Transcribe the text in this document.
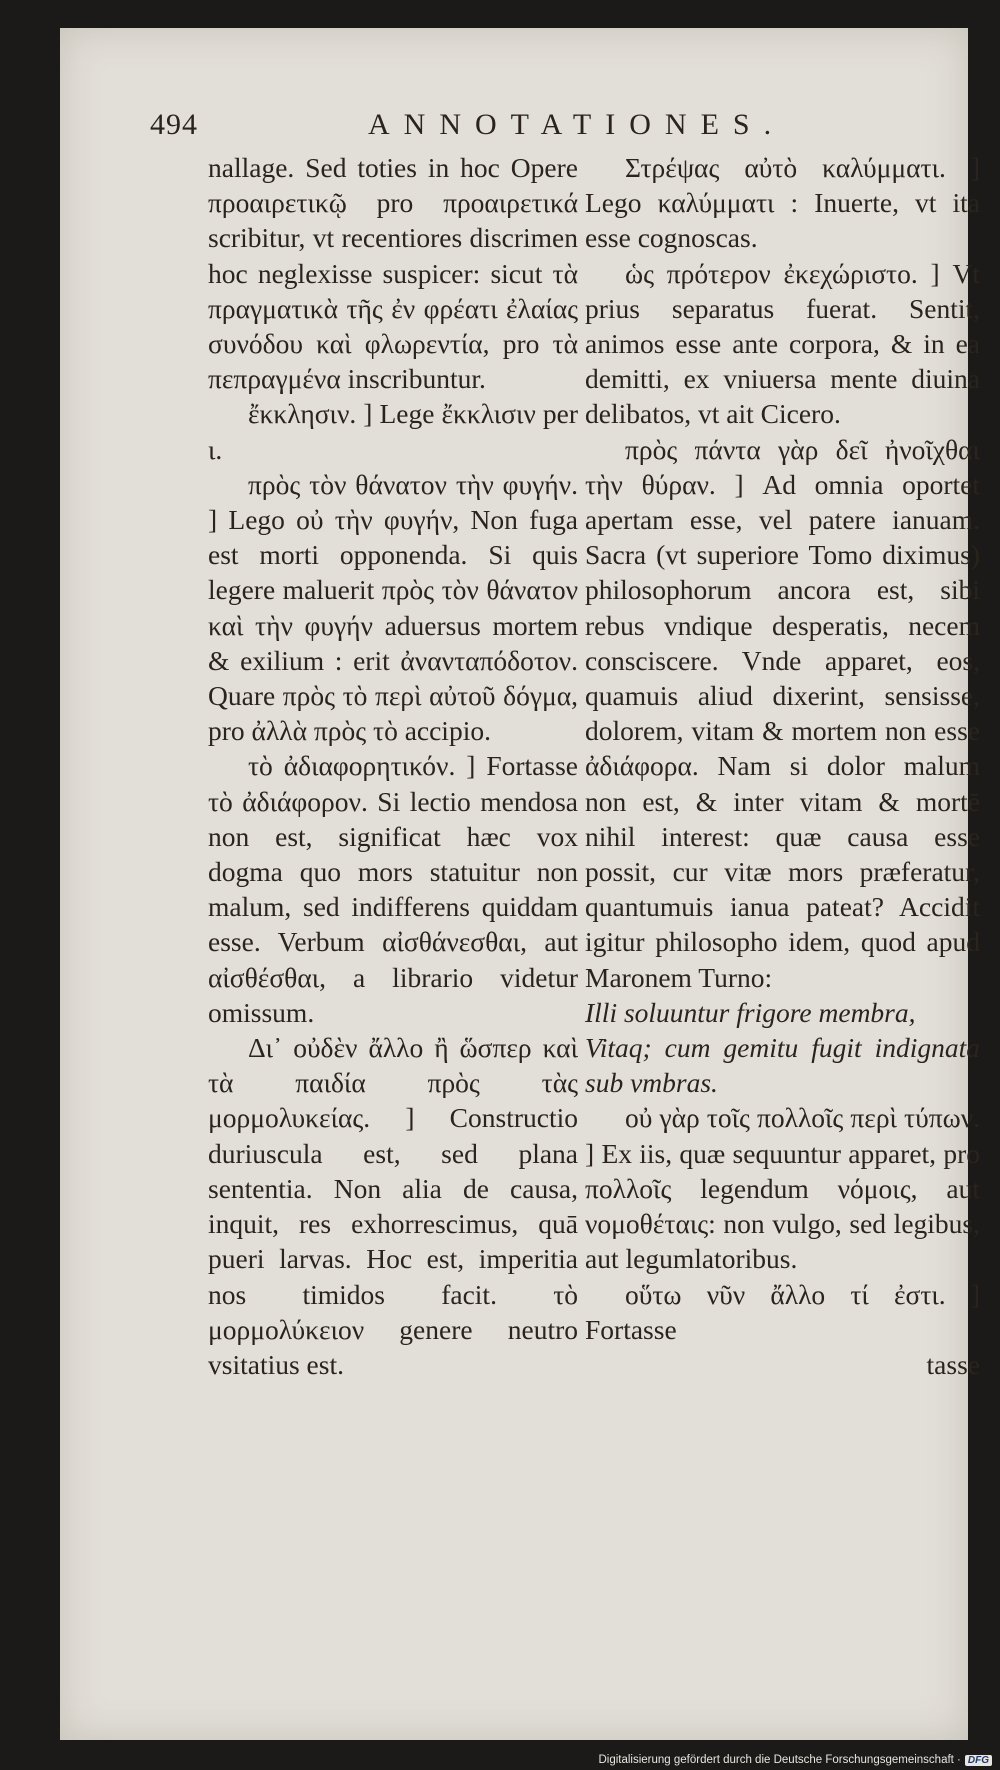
494	ANNOTATIONES.

nallage. Sed toties in hoc Opere προαιρετικῷ pro προαιρετικά scribitur, vt recentiores discrimen hoc neglexisse suspicer: sicut τὰ πραγματικὰ τῆς ἐν φρέατι ἐλαίας συνόδου καὶ φλωρεντία, pro τὰ πεπραγμένα inscribuntur.

ἔκκλησιν. ] Lege ἔκκλισιν per ι.

πρὸς τὸν θάνατον τὴν φυγήν. ] Lego οὐ τὴν φυγήν, Non fuga est morti opponenda. Si quis legere maluerit πρὸς τὸν θάνατον καὶ τὴν φυγήν aduersus mortem & exilium : erit ἀνανταπόδοτον. Quare πρὸς τὸ περὶ αὐτοῦ δόγμα, pro ἀλλὰ πρὸς τὸ accipio.

τὸ ἀδιαφορητικόν. ] Fortasse τὸ ἀδιάφορον. Si lectio mendosa non est, significat hæc vox dogma quo mors statuitur non malum, sed indifferens quiddam esse. Verbum αἰσθάνεσθαι, aut αἰσθέσθαι, a librario videtur omissum.

Δι᾽ οὐδὲν ἄλλο ἢ ὥσπερ καὶ τὰ παιδία πρὸς τὰς μορμολυκείας. ] Constructio duriuscula est, sed plana sententia. Non alia de causa, inquit, res exhorrescimus, quā pueri larvas. Hoc est, imperitia nos timidos facit. τὸ μορμολύκειον genere neutro vsitatius est.

Στρέψας αὐτὸ καλύμματι. ] Lego καλύμματι : Inuerte, vt ita esse cognoscas.

ὡς πρότερον ἐκεχώριστο. ] Vt prius separatus fuerat. Sentit, animos esse ante corpora, & in ea demitti, ex vniuersa mente diuina delibatos, vt ait Cicero.

πρὸς πάντα γὰρ δεῖ ἠνοῖχθαι τὴν θύραν. ] Ad omnia oportet apertam esse, vel patere ianuam. Sacra (vt superiore Tomo diximus) philosophorum ancora est, sibi rebus vndique desperatis, necem consciscere. Vnde apparet, eos, quamuis aliud dixerint, sensisse, dolorem, vitam & mortem non esse ἀδιάφορα. Nam si dolor malum non est, & inter vitam & mortē nihil interest: quæ causa esse possit, cur vitæ mors præferatur, quantumuis ianua pateat? Accidit igitur philosopho idem, quod apud Maronem Turno:

Illi soluuntur frigore membra,

Vitaq; cum gemitu fugit indignata sub vmbras.

οὐ γὰρ τοῖς πολλοῖς περὶ τύπων. ] Ex iis, quæ sequuntur apparet, pro πολλοῖς legendum νόμοις, aut νομοθέταις: non vulgo, sed legibus, aut legumlatoribus.

οὕτω νῦν ἄλλο τί ἐστι. ] Fortasse

tasse

Digitalisierung gefördert durch die Deutsche Forschungsgemeinschaft · DFG
